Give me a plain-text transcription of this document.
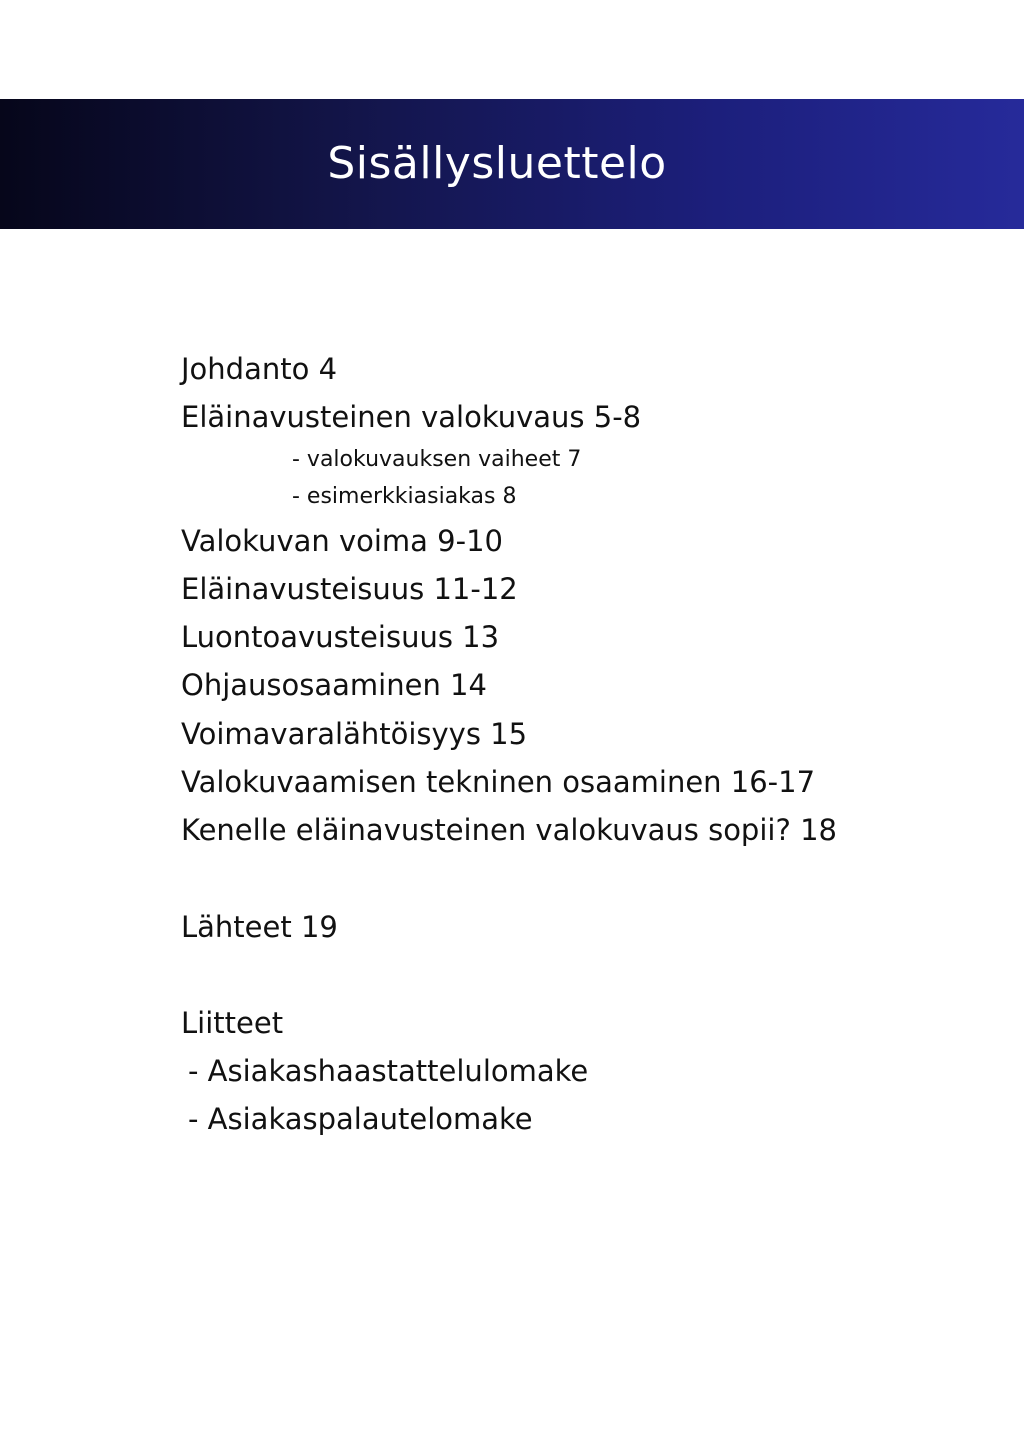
Sisällysluettelo

Johdanto 4

Eläinavusteinen valokuvaus 5-8

- valokuvauksen vaiheet 7

- esimerkkiasiakas 8

Valokuvan voima 9-10

Eläinavusteisuus 11-12

Luontoavusteisuus 13

Ohjausosaaminen 14

Voimavaralähtöisyys 15

Valokuvaamisen tekninen osaaminen 16-17

Kenelle eläinavusteinen valokuvaus sopii? 18

Lähteet 19

Liitteet

- Asiakashaastattelulomake

- Asiakaspalautelomake
